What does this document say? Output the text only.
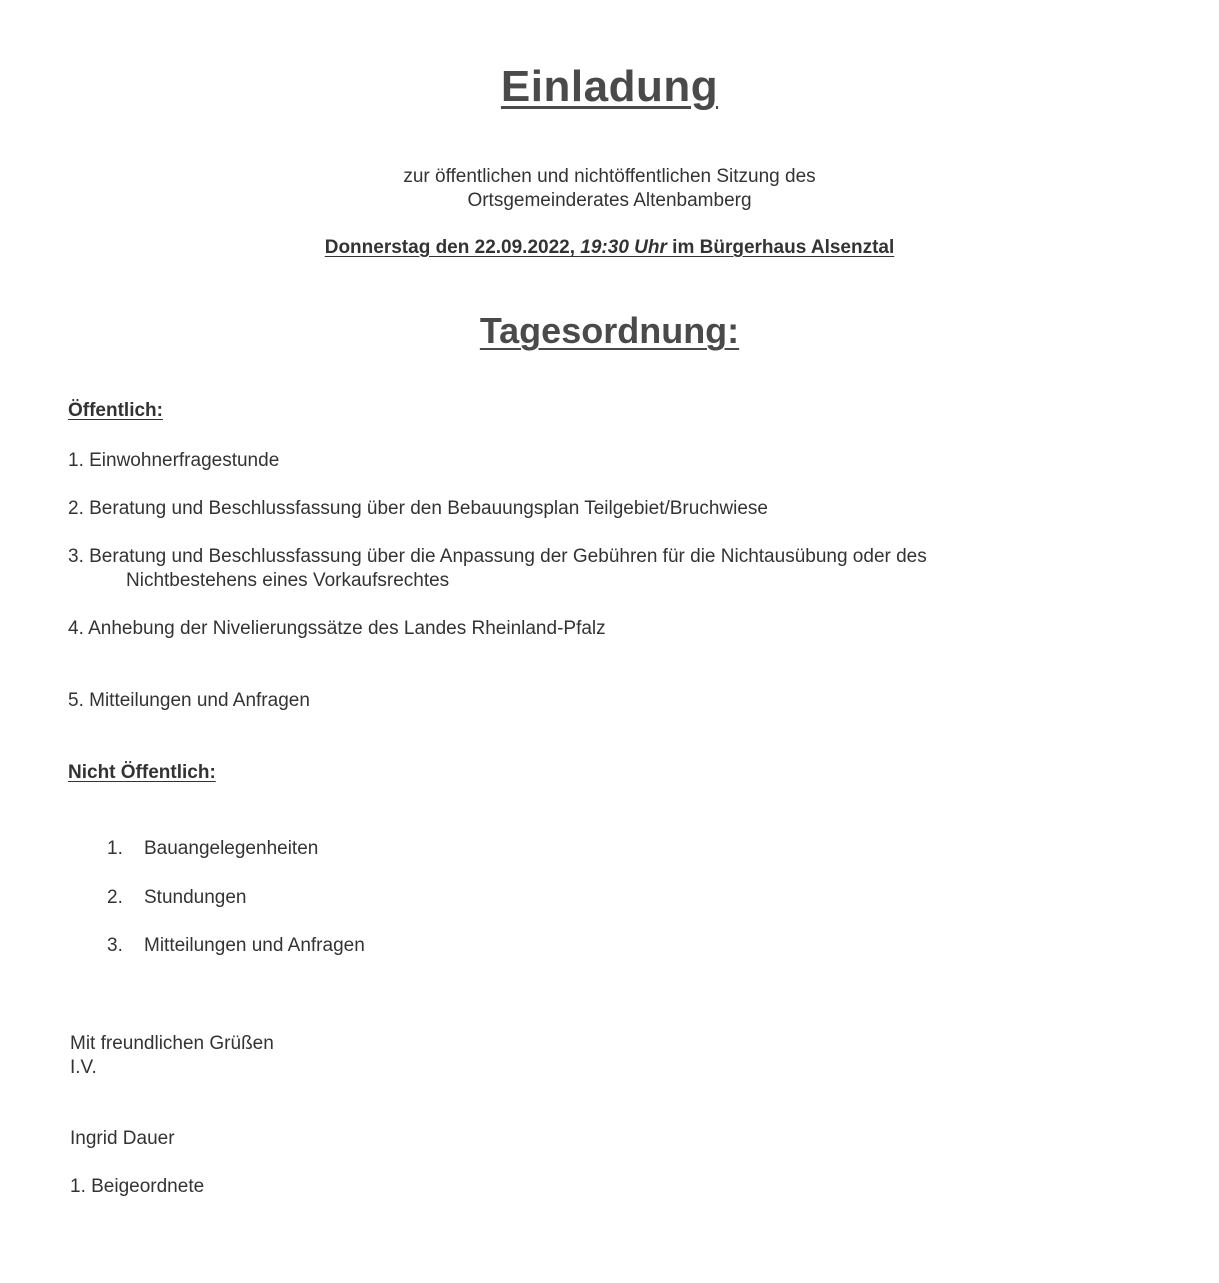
Einladung
zur öffentlichen und nichtöffentlichen Sitzung des
Ortsgemeinderates Altenbamberg
Donnerstag den 22.09.2022, 19:30 Uhr im Bürgerhaus Alsenztal
Tagesordnung:
Öffentlich:
1. Einwohnerfragestunde
2. Beratung und Beschlussfassung über den Bebauungsplan Teilgebiet/Bruchwiese
3. Beratung und Beschlussfassung über die Anpassung der Gebühren für die Nichtausübung oder des
Nichtbestehens eines Vorkaufsrechtes
4. Anhebung der Nivelierungssätze des Landes Rheinland-Pfalz
5. Mitteilungen und Anfragen
Nicht Öffentlich:
1. Bauangelegenheiten
2. Stundungen
3. Mitteilungen und Anfragen
Mit freundlichen Grüßen
I.V.
Ingrid Dauer
1. Beigeordnete
